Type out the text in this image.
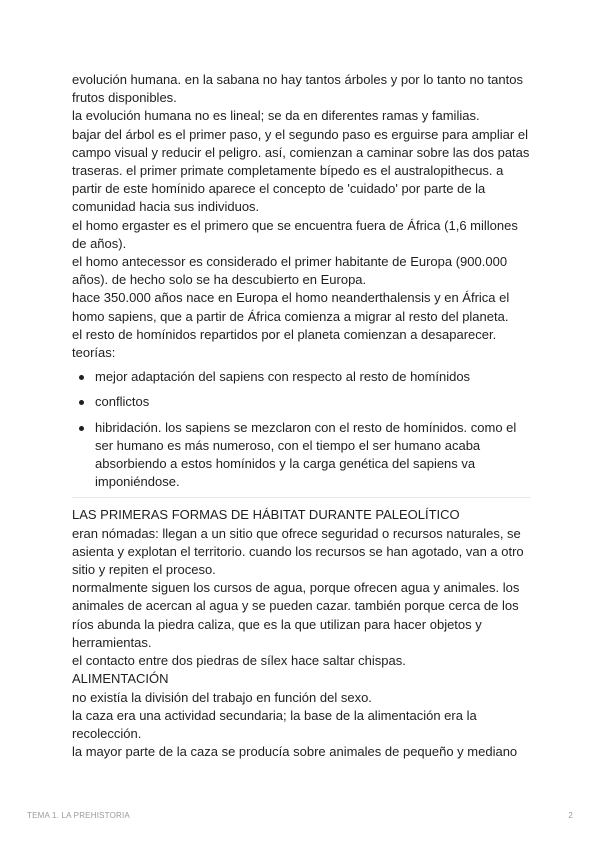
evolución humana. en la sabana no hay tantos árboles y por lo tanto no tantos frutos disponibles.

la evolución humana no es lineal; se da en diferentes ramas y familias.

bajar del árbol es el primer paso, y el segundo paso es erguirse para ampliar el campo visual y reducir el peligro. así, comienzan a caminar sobre las dos patas traseras. el primer primate completamente bípedo es el australopithecus. a partir de este homínido aparece el concepto de 'cuidado' por parte de la comunidad hacia sus individuos.

el homo ergaster es el primero que se encuentra fuera de África (1,6 millones de años).

el homo antecessor es considerado el primer habitante de Europa (900.000 años). de hecho solo se ha descubierto en Europa.

hace 350.000 años nace en Europa el homo neanderthalensis y en África el homo sapiens, que a partir de África comienza a migrar al resto del planeta.

el resto de homínidos repartidos por el planeta comienzan a desaparecer.

teorías:

mejor adaptación del sapiens con respecto al resto de homínidos
conflictos
hibridación. los sapiens se mezclaron con el resto de homínidos. como el ser humano es más numeroso, con el tiempo el ser humano acaba absorbiendo a estos homínidos y la carga genética del sapiens va imponiéndose.

LAS PRIMERAS FORMAS DE HÁBITAT DURANTE PALEOLÍTICO

eran nómadas: llegan a un sitio que ofrece seguridad o recursos naturales, se asienta y explotan el territorio. cuando los recursos se han agotado, van a otro sitio y repiten el proceso.

normalmente siguen los cursos de agua, porque ofrecen agua y animales. los animales de acercan al agua y se pueden cazar. también porque cerca de los ríos abunda la piedra caliza, que es la que utilizan para hacer objetos y herramientas.

el contacto entre dos piedras de sílex hace saltar chispas.

ALIMENTACIÓN

no existía la división del trabajo en función del sexo.

la caza era una actividad secundaria; la base de la alimentación era la recolección.

la mayor parte de la caza se producía sobre animales de pequeño y mediano

TEMA 1. LA PREHISTORIA	2
